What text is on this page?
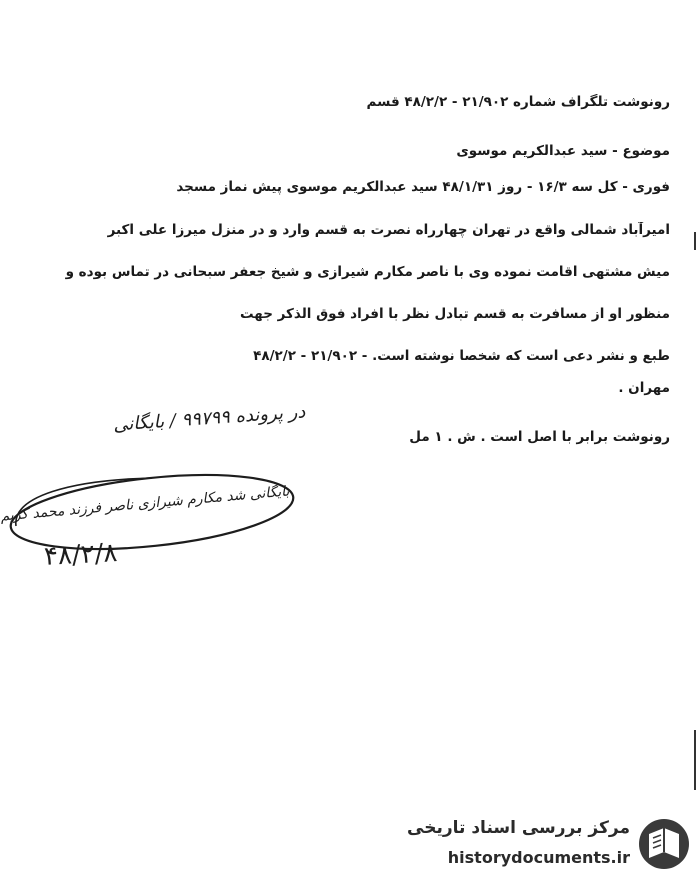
رونوشت تلگراف شماره ۲۱/۹۰۲ - ۴۸/۲/۲ قسم
موضوع - سید عبدالکریم موسوی
فوری - کل سه ۱۶/۳ - روز ۴۸/۱/۳۱ سید عبدالکریم موسوی پیش نماز مسجد
امیرآباد شمالی واقع در تهران چهارراه نصرت به قسم وارد و در منزل میرزا علی اکبر
میش مشتهی اقامت نموده وی با ناصر مکارم شیرازی و شیخ جعفر سبحانی در تماس بوده و
منظور او از مسافرت به قسم تبادل نظر با افراد فوق الذکر جهت
طبع و نشر دعی است که شخصا نوشته است. - ۲۱/۹۰۲ - ۴۸/۲/۲
مهران .
رونوشت برابر با اصل است . ش . ۱ مل
در پرونده ۹۹۷۹۹ / بایگانی
بایگانی شد مکارم شیرازی ناصر فرزند محمد کریم
۴۸/۲/۸
مرکز بررسی اسناد تاریخی
historydocuments.ir
